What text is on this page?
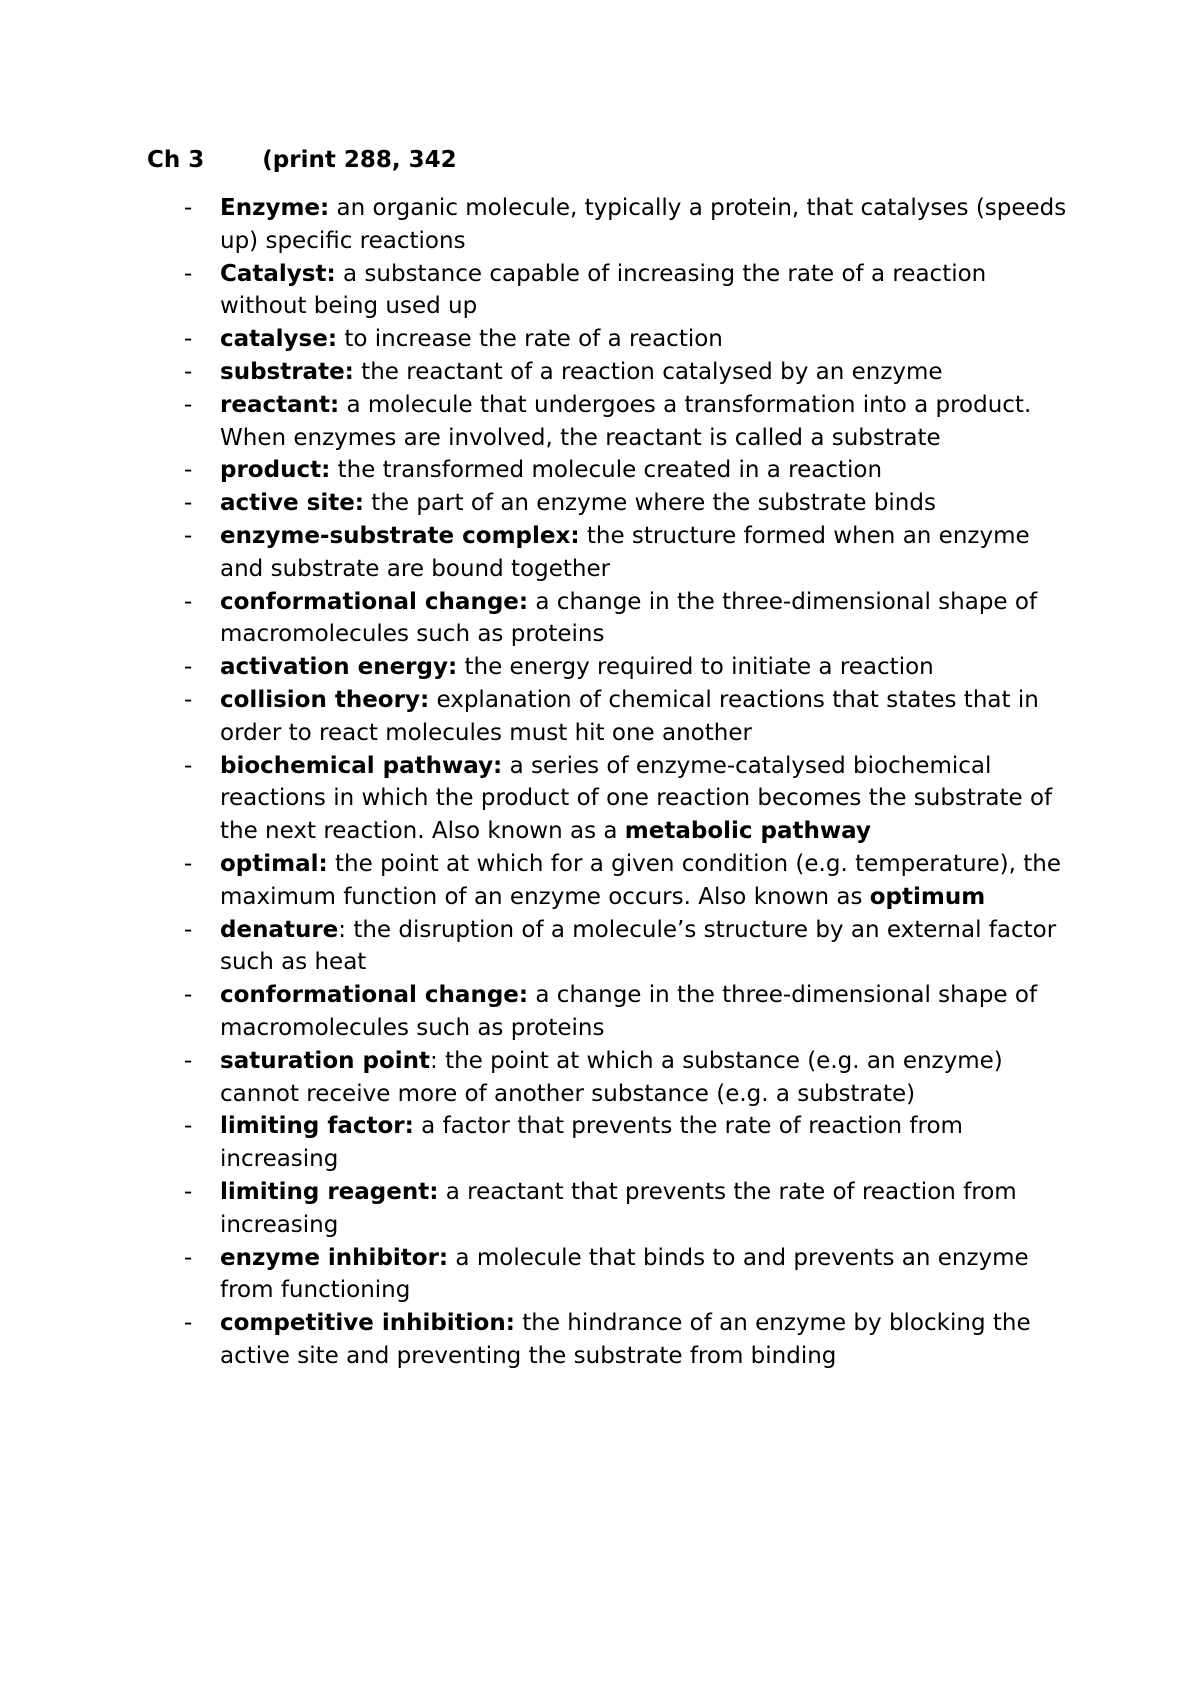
Ch 3	(print 288, 342
- Enzyme: an organic molecule, typically a protein, that catalyses (speeds up) specific reactions
- Catalyst: a substance capable of increasing the rate of a reaction without being used up
- catalyse: to increase the rate of a reaction
- substrate: the reactant of a reaction catalysed by an enzyme
- reactant: a molecule that undergoes a transformation into a product. When enzymes are involved, the reactant is called a substrate
- product: the transformed molecule created in a reaction
- active site: the part of an enzyme where the substrate binds
- enzyme-substrate complex: the structure formed when an enzyme and substrate are bound together
- conformational change: a change in the three-dimensional shape of macromolecules such as proteins
- activation energy: the energy required to initiate a reaction
- collision theory: explanation of chemical reactions that states that in order to react molecules must hit one another
- biochemical pathway: a series of enzyme-catalysed biochemical reactions in which the product of one reaction becomes the substrate of the next reaction. Also known as a metabolic pathway
- optimal: the point at which for a given condition (e.g. temperature), the maximum function of an enzyme occurs. Also known as optimum
- denature: the disruption of a molecule’s structure by an external factor such as heat
- conformational change: a change in the three-dimensional shape of macromolecules such as proteins
- saturation point: the point at which a substance (e.g. an enzyme) cannot receive more of another substance (e.g. a substrate)
- limiting factor: a factor that prevents the rate of reaction from increasing
- limiting reagent: a reactant that prevents the rate of reaction from increasing
- enzyme inhibitor: a molecule that binds to and prevents an enzyme from functioning
- competitive inhibition: the hindrance of an enzyme by blocking the active site and preventing the substrate from binding
